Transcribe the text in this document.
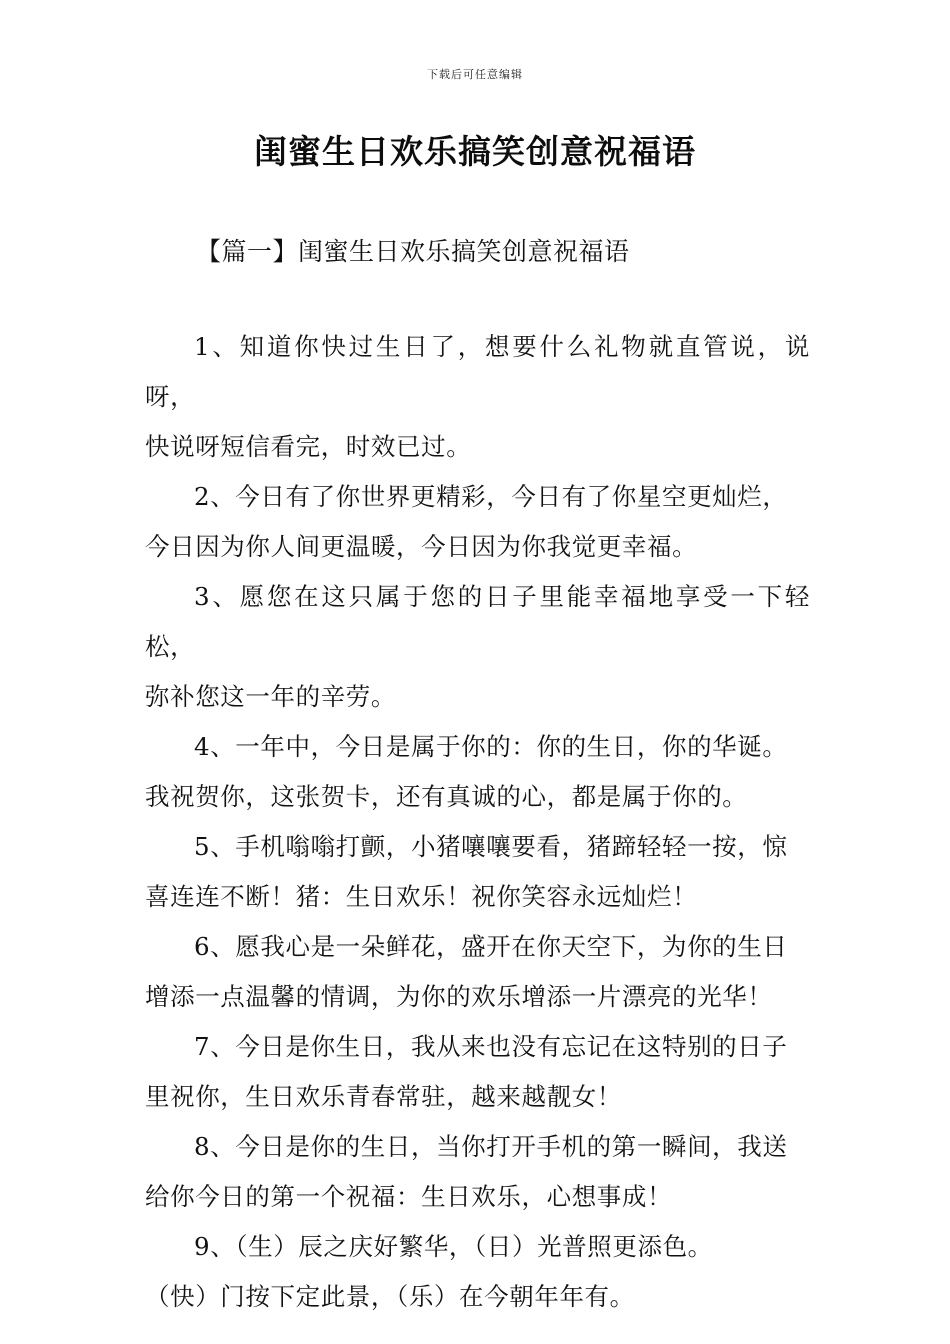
下载后可任意编辑
闺蜜生日欢乐搞笑创意祝福语
【篇一】闺蜜生日欢乐搞笑创意祝福语

1、知道你快过生日了，想要什么礼物就直管说，说呀，
快说呀短信看完，时效已过。

2、今日有了你世界更精彩，今日有了你星空更灿烂，
今日因为你人间更温暖，今日因为你我觉更幸福。

3、愿您在这只属于您的日子里能幸福地享受一下轻松，
弥补您这一年的辛劳。

4、一年中，今日是属于你的：你的生日，你的华诞。
我祝贺你，这张贺卡，还有真诚的心，都是属于你的。

5、手机嗡嗡打颤，小猪嚷嚷要看，猪蹄轻轻一按，惊
喜连连不断！猪：生日欢乐！祝你笑容永远灿烂！

6、愿我心是一朵鲜花，盛开在你天空下，为你的生日
增添一点温馨的情调，为你的欢乐增添一片漂亮的光华！

7、今日是你生日，我从来也没有忘记在这特别的日子
里祝你，生日欢乐青春常驻，越来越靓女！

8、今日是你的生日，当你打开手机的第一瞬间，我送
给你今日的第一个祝福：生日欢乐，心想事成！

9、（生）辰之庆好繁华，（日）光普照更添色。
（快）门按下定此景，（乐）在今朝年年有。
